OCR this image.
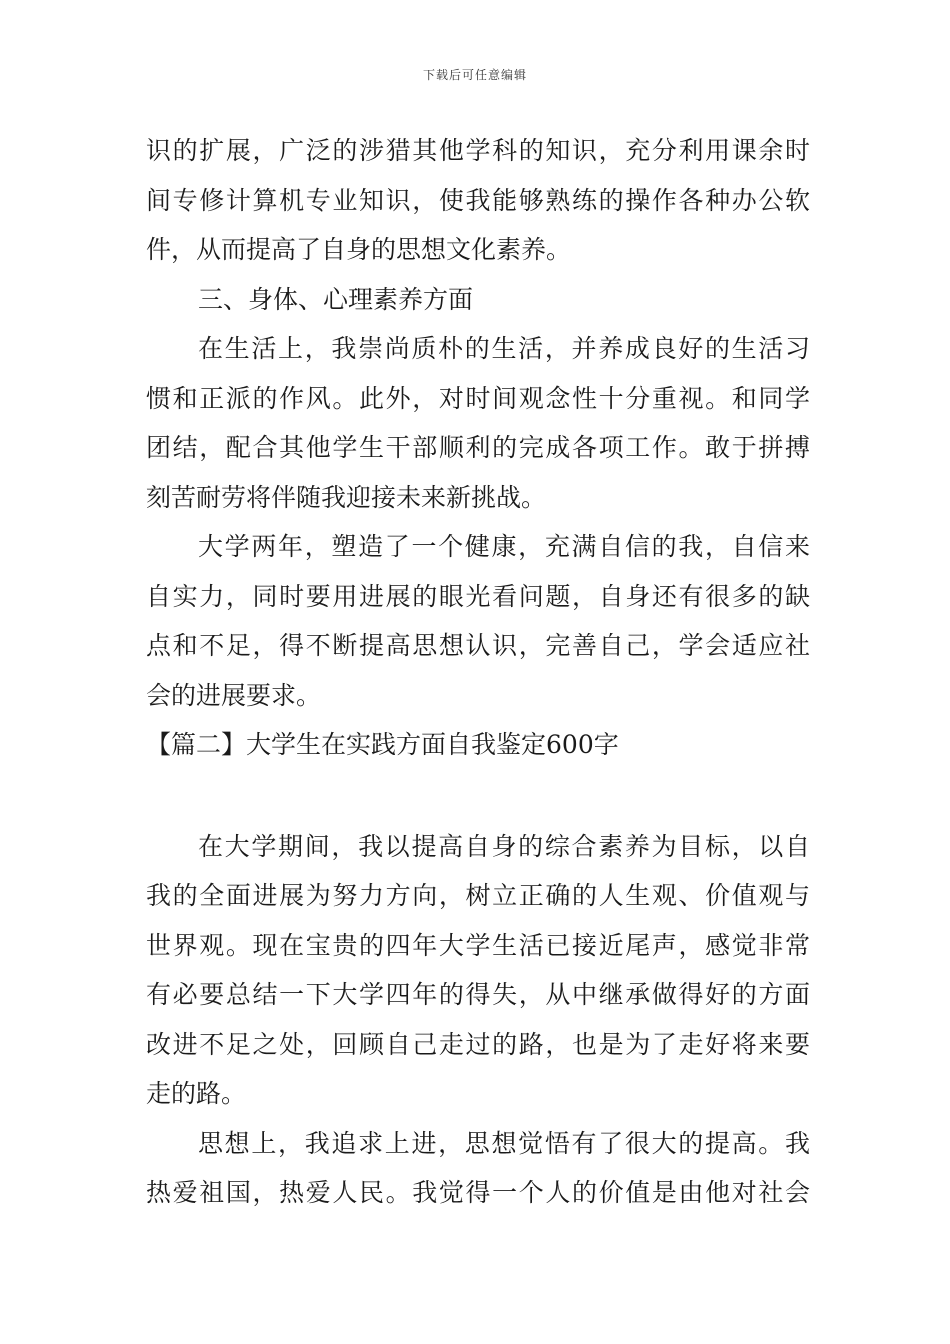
下载后可任意编辑
识的扩展，广泛的涉猎其他学科的知识，充分利用课余时
间专修计算机专业知识，使我能够熟练的操作各种办公软
件，从而提高了自身的思想文化素养。
三、身体、心理素养方面
在生活上，我崇尚质朴的生活，并养成良好的生活习
惯和正派的作风。此外，对时间观念性十分重视。和同学
团结，配合其他学生干部顺利的完成各项工作。敢于拼搏
刻苦耐劳将伴随我迎接未来新挑战。
大学两年，塑造了一个健康，充满自信的我，自信来
自实力，同时要用进展的眼光看问题，自身还有很多的缺
点和不足，得不断提高思想认识，完善自己，学会适应社
会的进展要求。
【篇二】大学生在实践方面自我鉴定600字
在大学期间，我以提高自身的综合素养为目标，以自
我的全面进展为努力方向，树立正确的人生观、价值观与
世界观。现在宝贵的四年大学生活已接近尾声，感觉非常
有必要总结一下大学四年的得失，从中继承做得好的方面
改进不足之处，回顾自己走过的路，也是为了走好将来要
走的路。
思想上，我追求上进，思想觉悟有了很大的提高。我
热爱祖国，热爱人民。我觉得一个人的价值是由他对社会
